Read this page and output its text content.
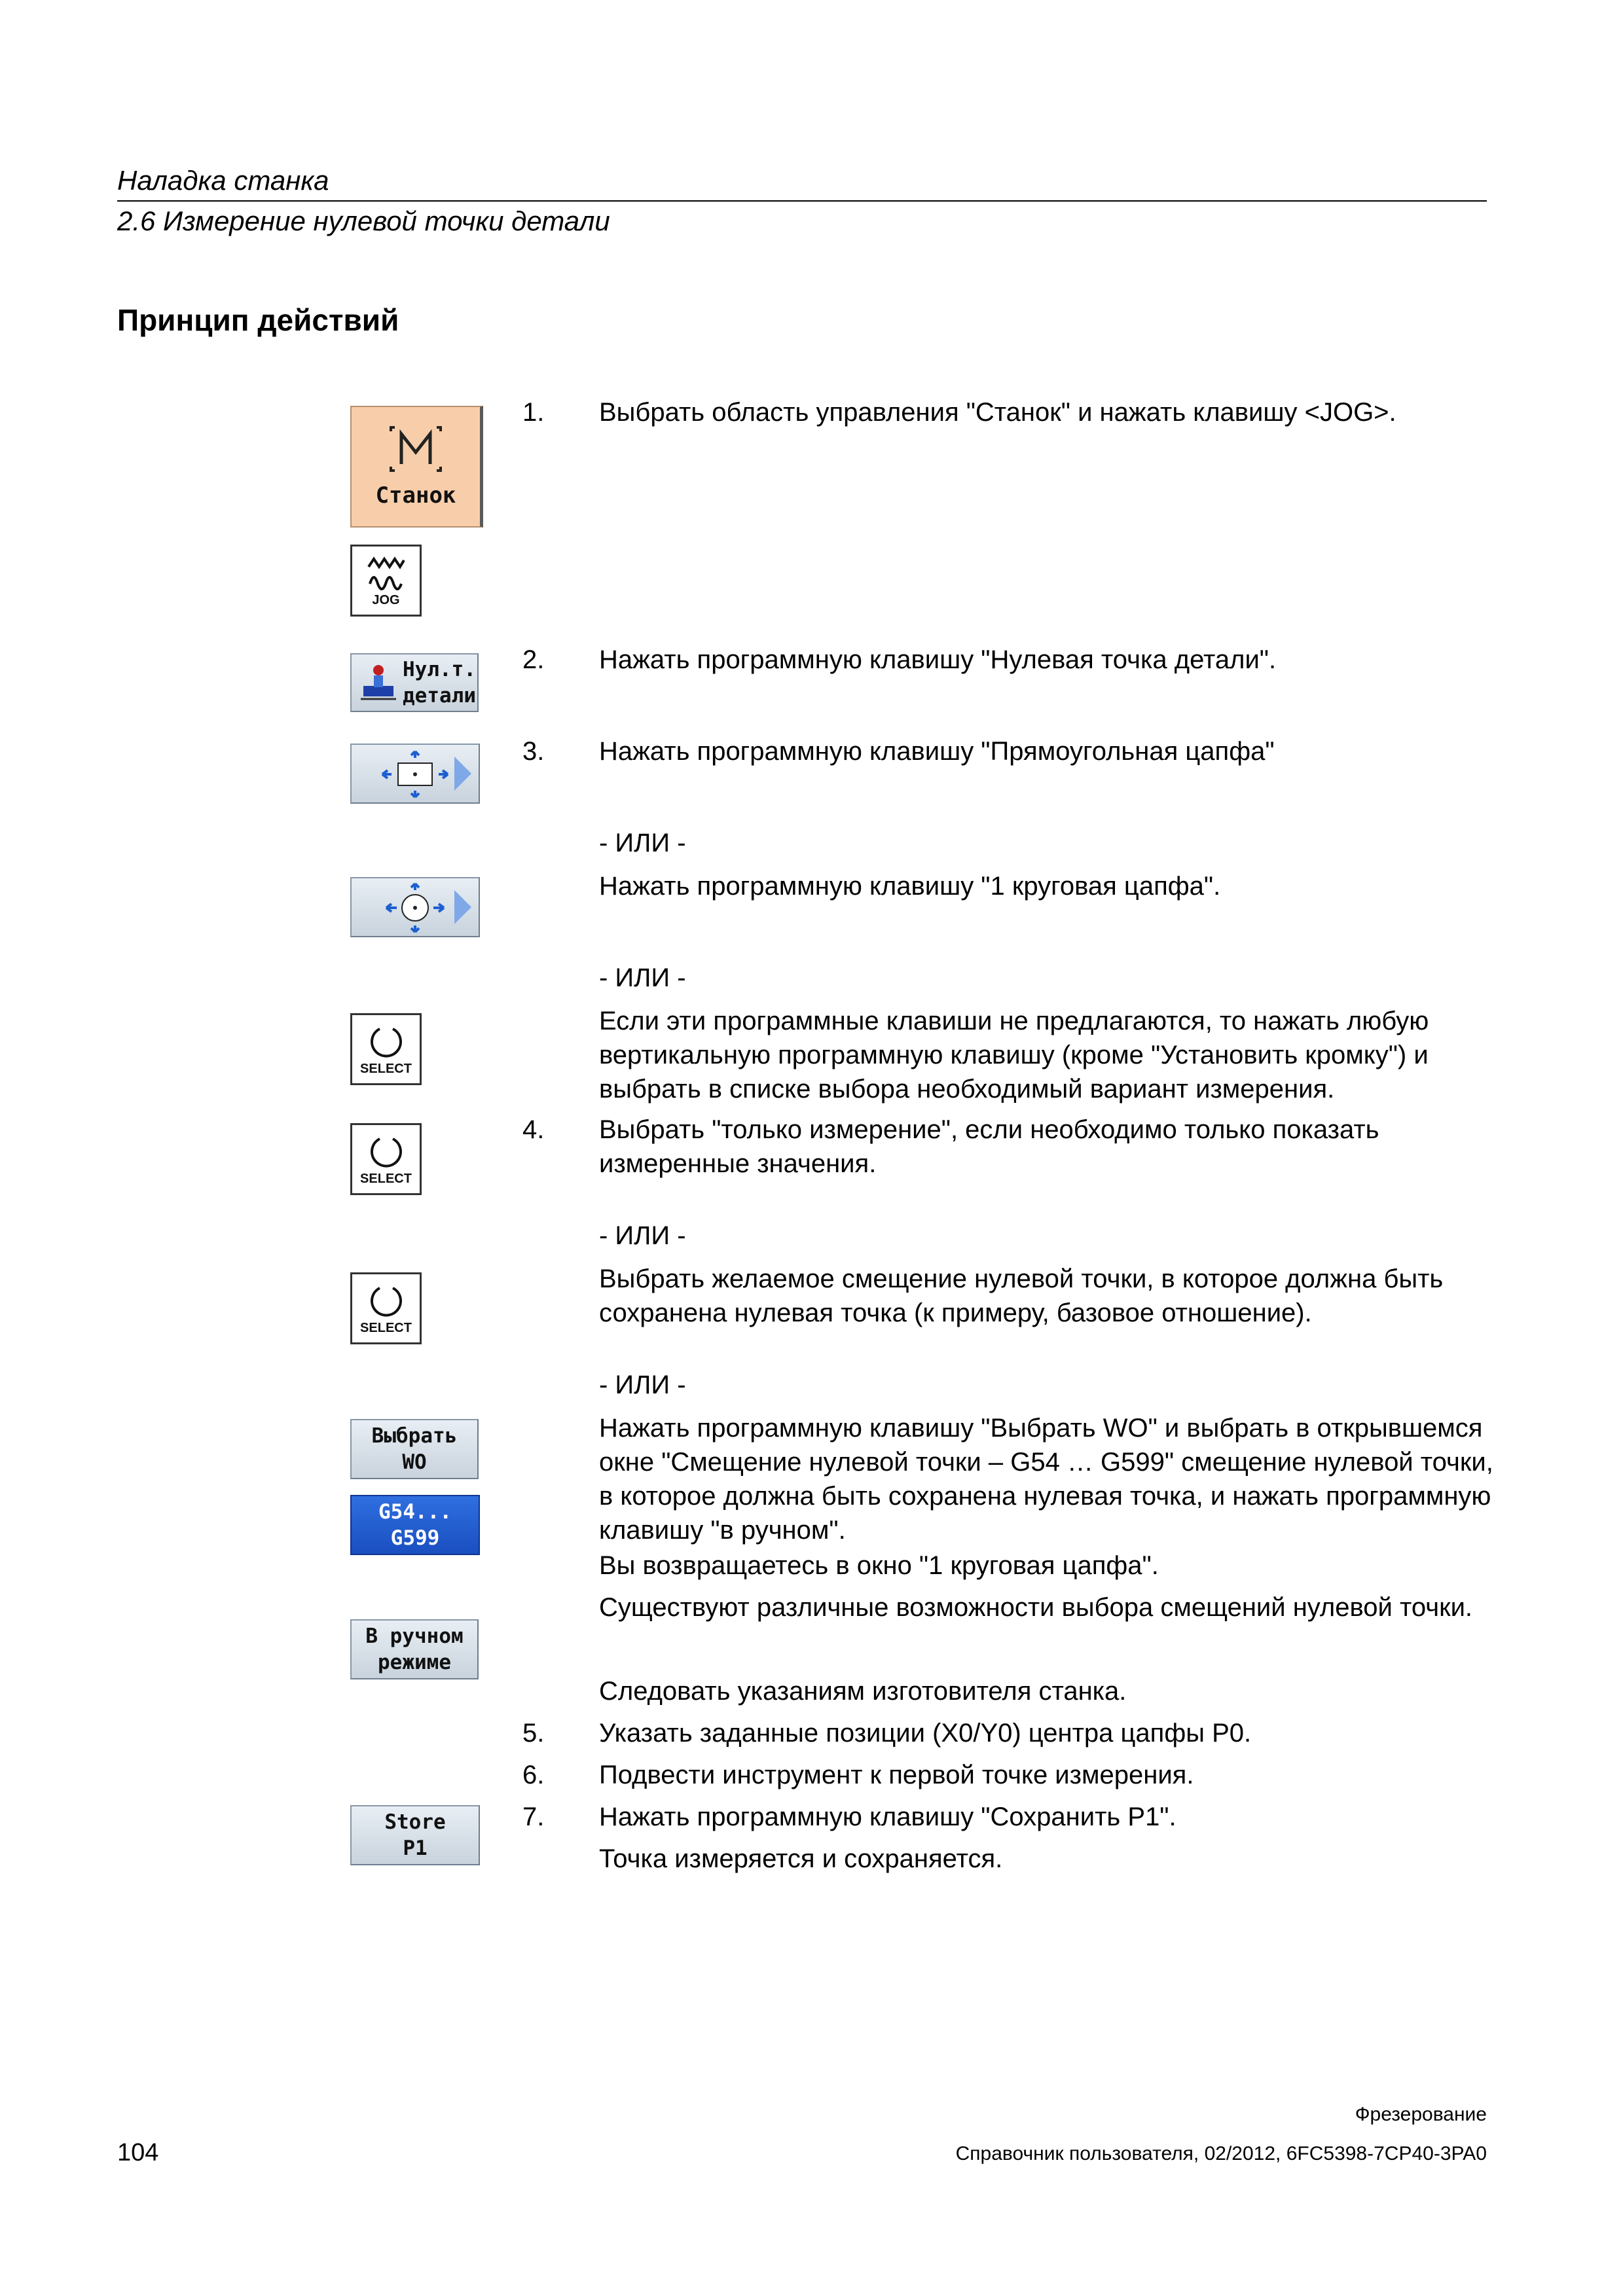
Наладка станка
2.6 Измерение нулевой точки детали
Принцип действий
Станок
JOG
Нул.т.
детали
SELECT
SELECT
SELECT
Выбрать
WO
G54...
G599
В ручном
режиме
Store
P1
1.
2.
3.
4.
5.
6.
7.
Выбрать область управления "Станок" и нажать клавишу <JOG>.
Нажать программную клавишу "Нулевая точка детали".
Нажать программную клавишу "Прямоугольная цапфа"
- ИЛИ -
Нажать программную клавишу "1 круговая цапфа".
- ИЛИ -
Если эти программные клавиши не предлагаются, то нажать любую вертикальную программную клавишу (кроме "Установить кромку") и выбрать в списке выбора необходимый вариант измерения.
Выбрать "только измерение", если необходимо только показать измеренные значения.
- ИЛИ -
Выбрать желаемое смещение нулевой точки, в которое должна быть сохранена нулевая точка (к примеру, базовое отношение).
- ИЛИ -
Нажать программную клавишу "Выбрать WO" и выбрать в открывшемся окне "Смещение нулевой точки – G54 … G599" смещение нулевой точки, в которое должна быть сохранена нулевая точка, и нажать программную клавишу "в ручном".
Вы возвращаетесь в окно "1 круговая цапфа".
Существуют различные возможности выбора смещений нулевой точки.
Следовать указаниям изготовителя станка.
Указать заданные позиции (X0/Y0) центра цапфы P0.
Подвести инструмент к первой точке измерения.
Нажать программную клавишу "Сохранить P1".
Точка измеряется и сохраняется.
104
Фрезерование
Справочник пользователя, 02/2012, 6FC5398-7CP40-3PA0
